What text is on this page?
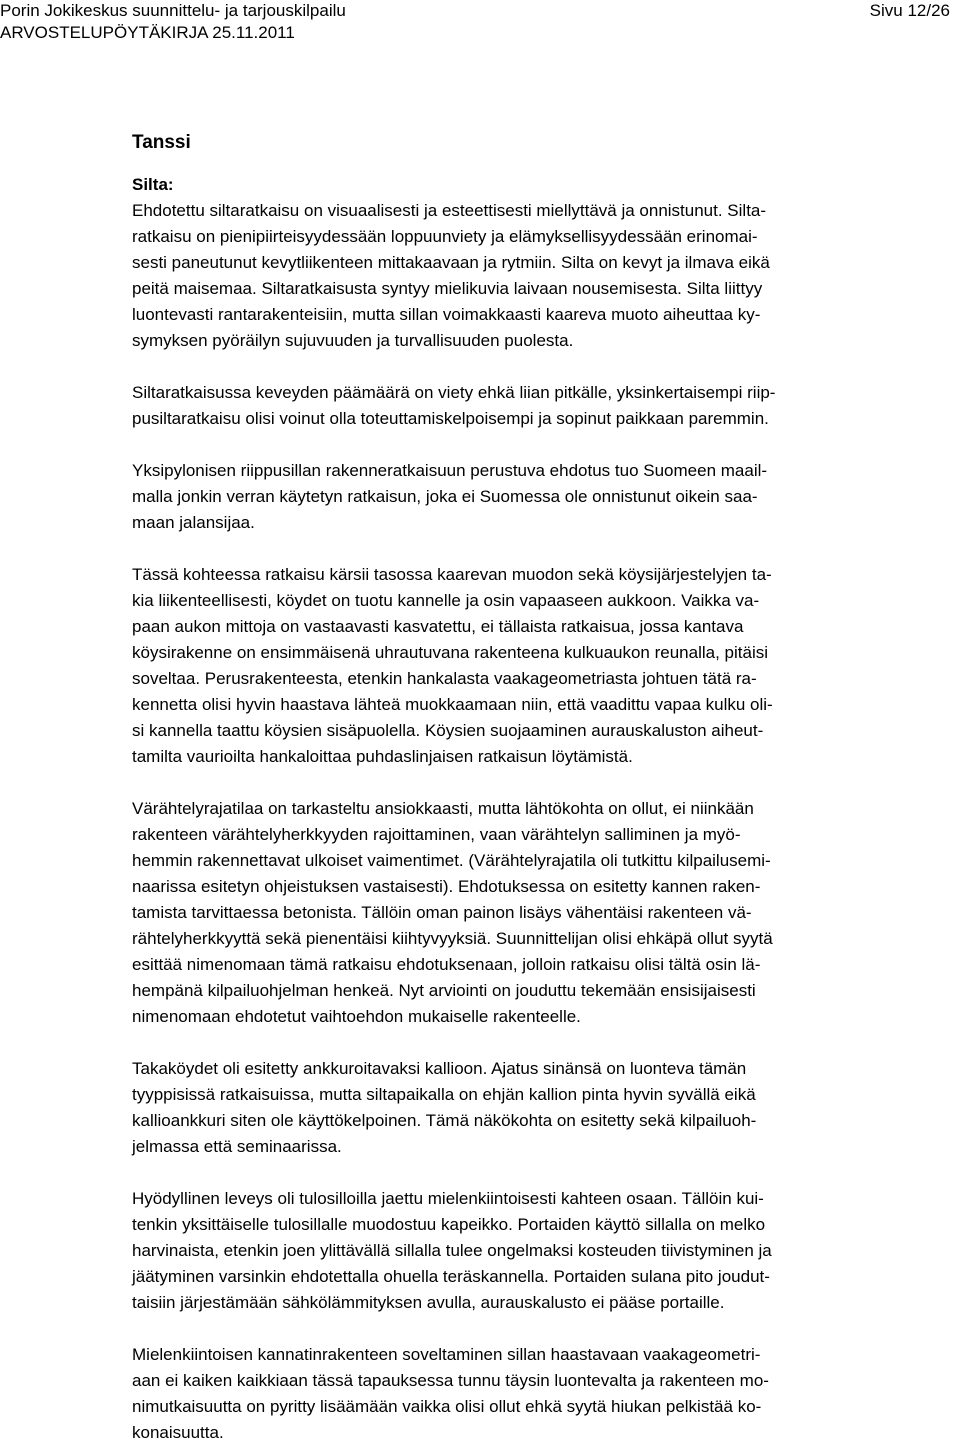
Porin Jokikeskus suunnittelu- ja tarjouskilpailu	Sivu 12/26
ARVOSTELUPÖYTÄKIRJA 25.11.2011
Tanssi
Silta:

Ehdotettu siltaratkaisu on visuaalisesti ja esteettisesti miellyttävä ja onnistunut. Silta-
ratkaisu on pienipiirteisyydessään loppuunviety ja elämyksellisyydessään erinomai-
sesti paneutunut kevytliikenteen mittakaavaan ja rytmiin. Silta on kevyt ja ilmava eikä
peitä maisemaa. Siltaratkaisusta syntyy mielikuvia laivaan nousemisesta. Silta liittyy
luontevasti rantarakenteisiin, mutta sillan voimakkaasti kaareva muoto aiheuttaa ky-
symyksen pyöräilyn sujuvuuden ja turvallisuuden puolesta.

Siltaratkaisussa keveyden päämäärä on viety ehkä liian pitkälle, yksinkertaisempi riip-
pusiltaratkaisu olisi voinut olla toteuttamiskelpoisempi ja sopinut paikkaan paremmin.

Yksipylonisen riippusillan rakenneratkaisuun perustuva ehdotus tuo Suomeen maail-
malla jonkin verran käytetyn ratkaisun, joka ei Suomessa ole onnistunut oikein saa-
maan jalansijaa.

Tässä kohteessa ratkaisu kärsii tasossa kaarevan muodon sekä köysijärjestelyjen ta-
kia liikenteellisesti, köydet on tuotu kannelle ja osin vapaaseen aukkoon. Vaikka va-
paan aukon mittoja on vastaavasti kasvatettu, ei tällaista ratkaisua, jossa kantava
köysirakenne on ensimmäisenä uhrautuvana rakenteena kulkuaukon reunalla, pitäisi
soveltaa. Perusrakenteesta, etenkin hankalasta vaakageometriasta johtuen tätä ra-
kennetta olisi hyvin haastava lähteä muokkaamaan niin, että vaadittu vapaa kulku oli-
si kannella taattu köysien sisäpuolella. Köysien suojaaminen aurauskaluston aiheut-
tamilta vaurioilta hankaloittaa puhdaslinjaisen ratkaisun löytämistä.

Värähtelyrajatilaa on tarkasteltu ansiokkaasti, mutta lähtökohta on ollut, ei niinkään
rakenteen värähtelyherkkyyden rajoittaminen, vaan värähtelyn salliminen ja myö-
hemmin rakennettavat ulkoiset vaimentimet. (Värähtelyrajatila oli tutkittu kilpailusemi-
naarissa esitetyn ohjeistuksen vastaisesti). Ehdotuksessa on esitetty kannen raken-
tamista tarvittaessa betonista. Tällöin oman painon lisäys vähentäisi rakenteen vä-
rähtelyherkkyyttä sekä pienentäisi kiihtyvyyksiä. Suunnittelijan olisi ehkäpä ollut syytä
esittää nimenomaan tämä ratkaisu ehdotuksenaan, jolloin ratkaisu olisi tältä osin lä-
hempänä kilpailuohjelman henkeä. Nyt arviointi on jouduttu tekemään ensisijaisesti
nimenomaan ehdotetut vaihtoehdon mukaiselle rakenteelle.

Takaköydet oli esitetty ankkuroitavaksi kallioon. Ajatus sinänsä on luonteva tämän
tyyppisissä ratkaisuissa, mutta siltapaikalla on ehjän kallion pinta hyvin syvällä eikä
kallioankkuri siten ole käyttökelpoinen. Tämä näkökohta on esitetty sekä kilpailuoh-
jelmassa että seminaarissa.

Hyödyllinen leveys oli tulosilloilla jaettu mielenkiintoisesti kahteen osaan. Tällöin kui-
tenkin yksittäiselle tulosillalle muodostuu kapeikko. Portaiden käyttö sillalla on melko
harvinaista, etenkin joen ylittävällä sillalla tulee ongelmaksi kosteuden tiivistyminen ja
jäätyminen varsinkin ehdotettalla ohuella teräskannella. Portaiden sulana pito joudut-
taisiin järjestämään sähkölämmityksen avulla, aurauskalusto ei pääse portaille.

Mielenkiintoisen kannatinrakenteen soveltaminen sillan haastavaan vaakageometri-
aan ei kaiken kaikkiaan tässä tapauksessa tunnu täysin luontevalta ja rakenteen mo-
nimutkaisuutta on pyritty lisäämään vaikka olisi ollut ehkä syytä hiukan pelkistää ko-
konaisuutta.
